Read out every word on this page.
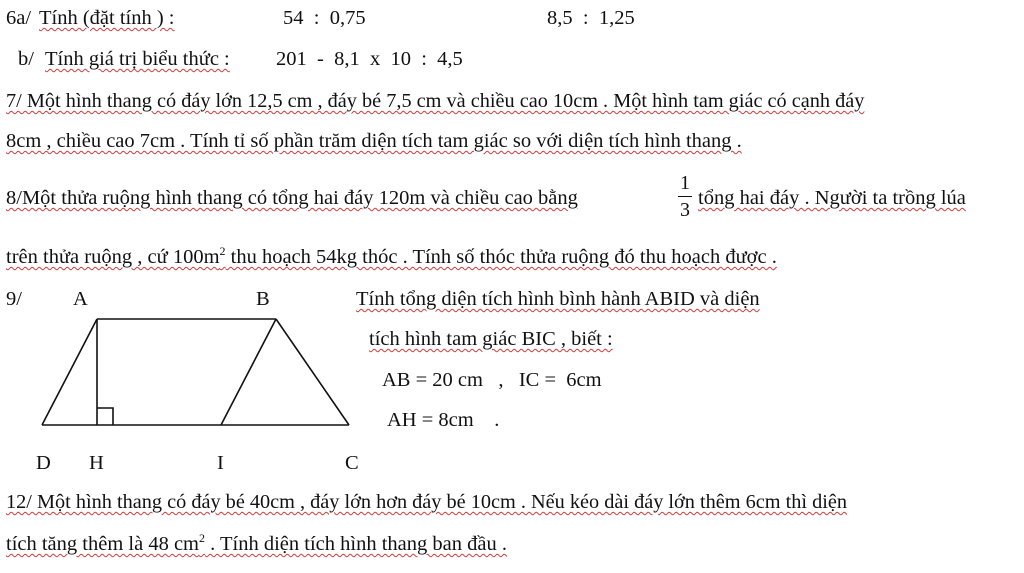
6a/ Tính (đặt tính ) :	54  :  0,75	8,5  :  1,25
b/ Tính giá trị biểu thức : 201  -  8,1  x  10  :  4,5
7/ Một hình thang có đáy lớn 12,5 cm , đáy bé 7,5 cm và chiều cao 10cm . Một hình tam giác có cạnh đáy
8cm , chiều cao 7cm . Tính tỉ số phần trăm diện tích tam giác so với diện tích hình thang .
8/Một thửa ruộng hình thang có tổng hai đáy 120m và chiều cao bằng
1
3
tổng hai đáy . Người ta trồng lúa
trên thửa ruộng , cứ $100m^2$ thu hoạch 54kg thóc . Tính số thóc thửa ruộng đó thu hoạch được .
9/ A	B
D H	I	C
Tính tổng diện tích hình bình hành ABID và diện
tích hình tam giác BIC , biết :
AB = 20 cm   ,   IC =  6cm
AH = 8cm    .
12/ Một hình thang có đáy bé 40cm , đáy lớn hơn đáy bé 10cm . Nếu kéo dài đáy lớn thêm 6cm thì diện
tích tăng thêm là 48 $cm^2$ . Tính diện tích hình thang ban đầu .
